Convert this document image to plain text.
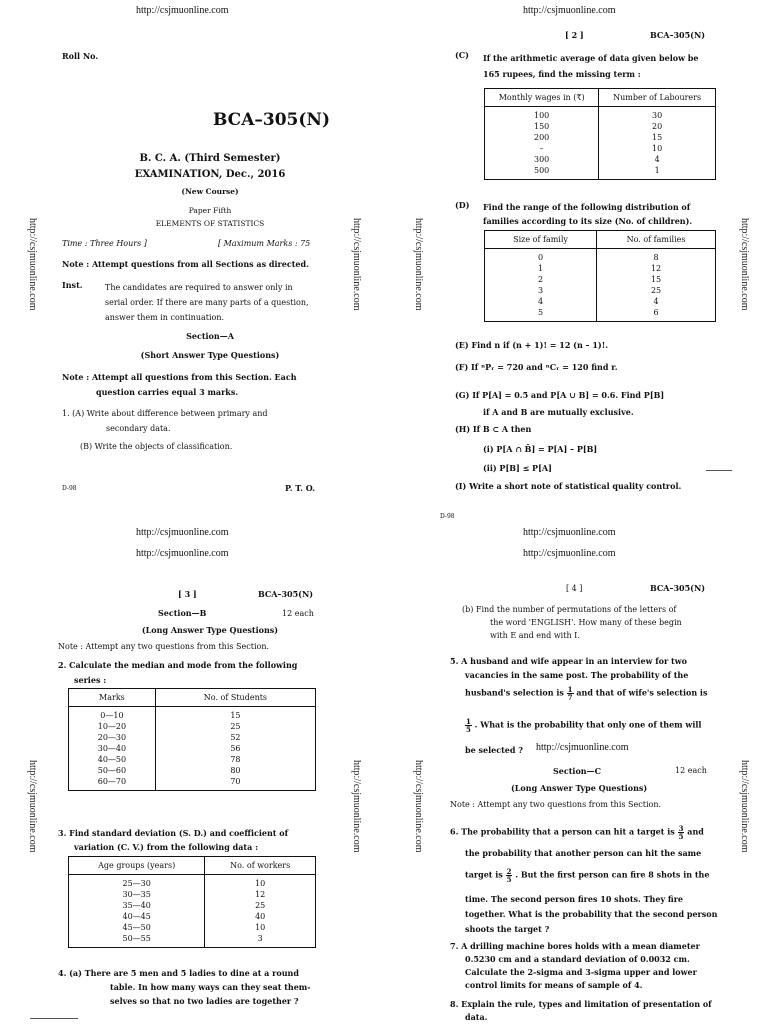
http://csjmuonline.com	http://csjmuonline.com
http://csjmuonline.com	http://csjmuonline.com
http://csjmuonline.com	http://csjmuonline.com
http://csjmuonline.com	http://csjmuonline.com	http://csjmuonline.com	http://csjmuonline.com
http://csjmuonline.com	http://csjmuonline.com	http://csjmuonline.com	http://csjmuonline.com
Roll No.
BCA–305(N)
B. C. A. (Third Semester)
EXAMINATION, Dec., 2016
(New Course)
Paper Fifth
ELEMENTS OF STATISTICS
Time : Three Hours ]	[ Maximum Marks : 75
Note : Attempt questions from all Sections as directed.
Inst.	The candidates are required to answer only in
serial order. If there are many parts of a question,
answer them in continuation.
Section—A
(Short Answer Type Questions)
Note : Attempt all questions from this Section. Each
question carries equal 3 marks.
1. (A) Write about difference between primary and
secondary data.
(B) Write the objects of classification.
D-98	P. T. O.
[ 2 ]	BCA–305(N)
(C) If the arithmetic average of data given below be
165 rupees, find the missing term :
Monthly wages in (₹)	Number of Labourers
100	30
150	20
200	15
–	10
300	4
500	1
(D) Find the range of the following distribution of
families according to its size (No. of children).
Size of family	No. of families
0	8
1	12
2	15
3	25
4	4
5	6
(E) Find n if (n + 1)! = 12 (n – 1)!.
(F) If ⁿPᵣ = 720 and ⁿCᵣ = 120 find r.
(G) If P[A] = 0.5 and P[A ∪ B] = 0.6. Find P[B]
if A and B are mutually exclusive.
(H) If B ⊂ A then
(i) P[A ∩ B̄] = P[A] – P[B]
(ii) P[B] ≤ P[A]
(I) Write a short note of statistical quality control.
D-98
[ 3 ]	BCA–305(N)
Section—B	12 each
(Long Answer Type Questions)
Note : Attempt any two questions from this Section.
2. Calculate the median and mode from the following
series :
Marks	No. of Students
0—10	15
10—20	25
20—30	52
30—40	56
40—50	78
50—60	80
60—70	70
3. Find standard deviation (S. D.) and coefficient of
variation (C. V.) from the following data :
Age groups (years)	No. of workers
25—30	10
30—35	12
35—40	25
40—45	40
45—50	10
50—55	3
4. (a) There are 5 men and 5 ladies to dine at a round
table. In how many ways can they seat them-
selves so that no two ladies are together ?
[ 4 ]	BCA–305(N)
(b) Find the number of permutations of the letters of
the word 'ENGLISH'. How many of these begin
with E and end with I.
5. A husband and wife appear in an interview for two
vacancies in the same post. The probability of the
husband's selection is $\frac{1}{7}$ and that of wife's selection is
$\frac{1}{5}$ . What is the probability that only one of them will
be selected ? http://csjmuonline.com
Section—C	12 each
(Long Answer Type Questions)
Note : Attempt any two questions from this Section.
6. The probability that a person can hit a target is $\frac{3}{5}$ and
the probability that another person can hit the same
target is $\frac{2}{5}$ . But the first person can fire 8 shots in the
time. The second person fires 10 shots. They fire
together. What is the probability that the second person
shoots the target ?
7. A drilling machine bores holds with a mean diameter
0.5230 cm and a standard deviation of 0.0032 cm.
Calculate the 2-sigma and 3-sigma upper and lower
control limits for means of sample of 4.
8. Explain the rule, types and limitation of presentation of
data.
